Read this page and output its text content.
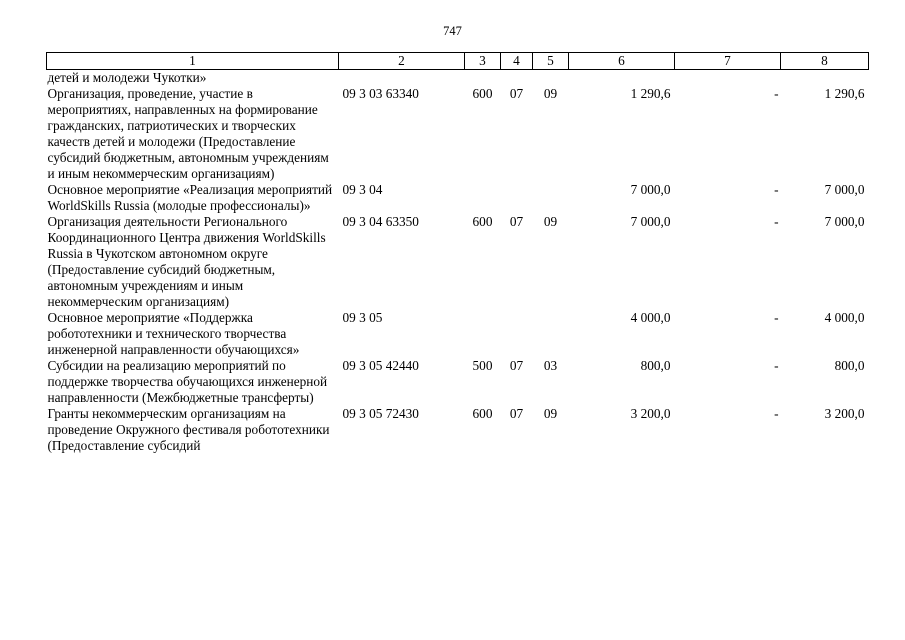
747
1	2	3	4	5	6	7	8
детей и молодежи Чукотки»							
Организация, проведение, участие в мероприятиях, направленных на формирование гражданских, патриотических и творческих качеств детей и молодежи (Предоставление субсидий бюджетным, автономным учреждениям и иным некоммерческим организациям)	09 3 03 63340	600	07	09	1 290,6	-	1 290,6
Основное мероприятие «Реализация мероприятий WorldSkills Russia (молодые профессионалы)»	09 3 04				7 000,0	-	7 000,0
Организация деятельности Регионального Координационного Центра движения WorldSkills Russia в Чукотском автономном округе (Предоставление субсидий бюджетным, автономным учреждениям и иным некоммерческим организациям)	09 3 04 63350	600	07	09	7 000,0	-	7 000,0
Основное мероприятие «Поддержка робототехники и технического творчества инженерной направленности обучающихся»	09 3 05				4 000,0	-	4 000,0
Субсидии на реализацию мероприятий по поддержке творчества обучающихся инженерной направленности (Межбюджетные трансферты)	09 3 05 42440	500	07	03	800,0	-	800,0
Гранты некоммерческим организациям на проведение Окружного фестиваля робототехники (Предоставление субсидий	09 3 05 72430	600	07	09	3 200,0	-	3 200,0
